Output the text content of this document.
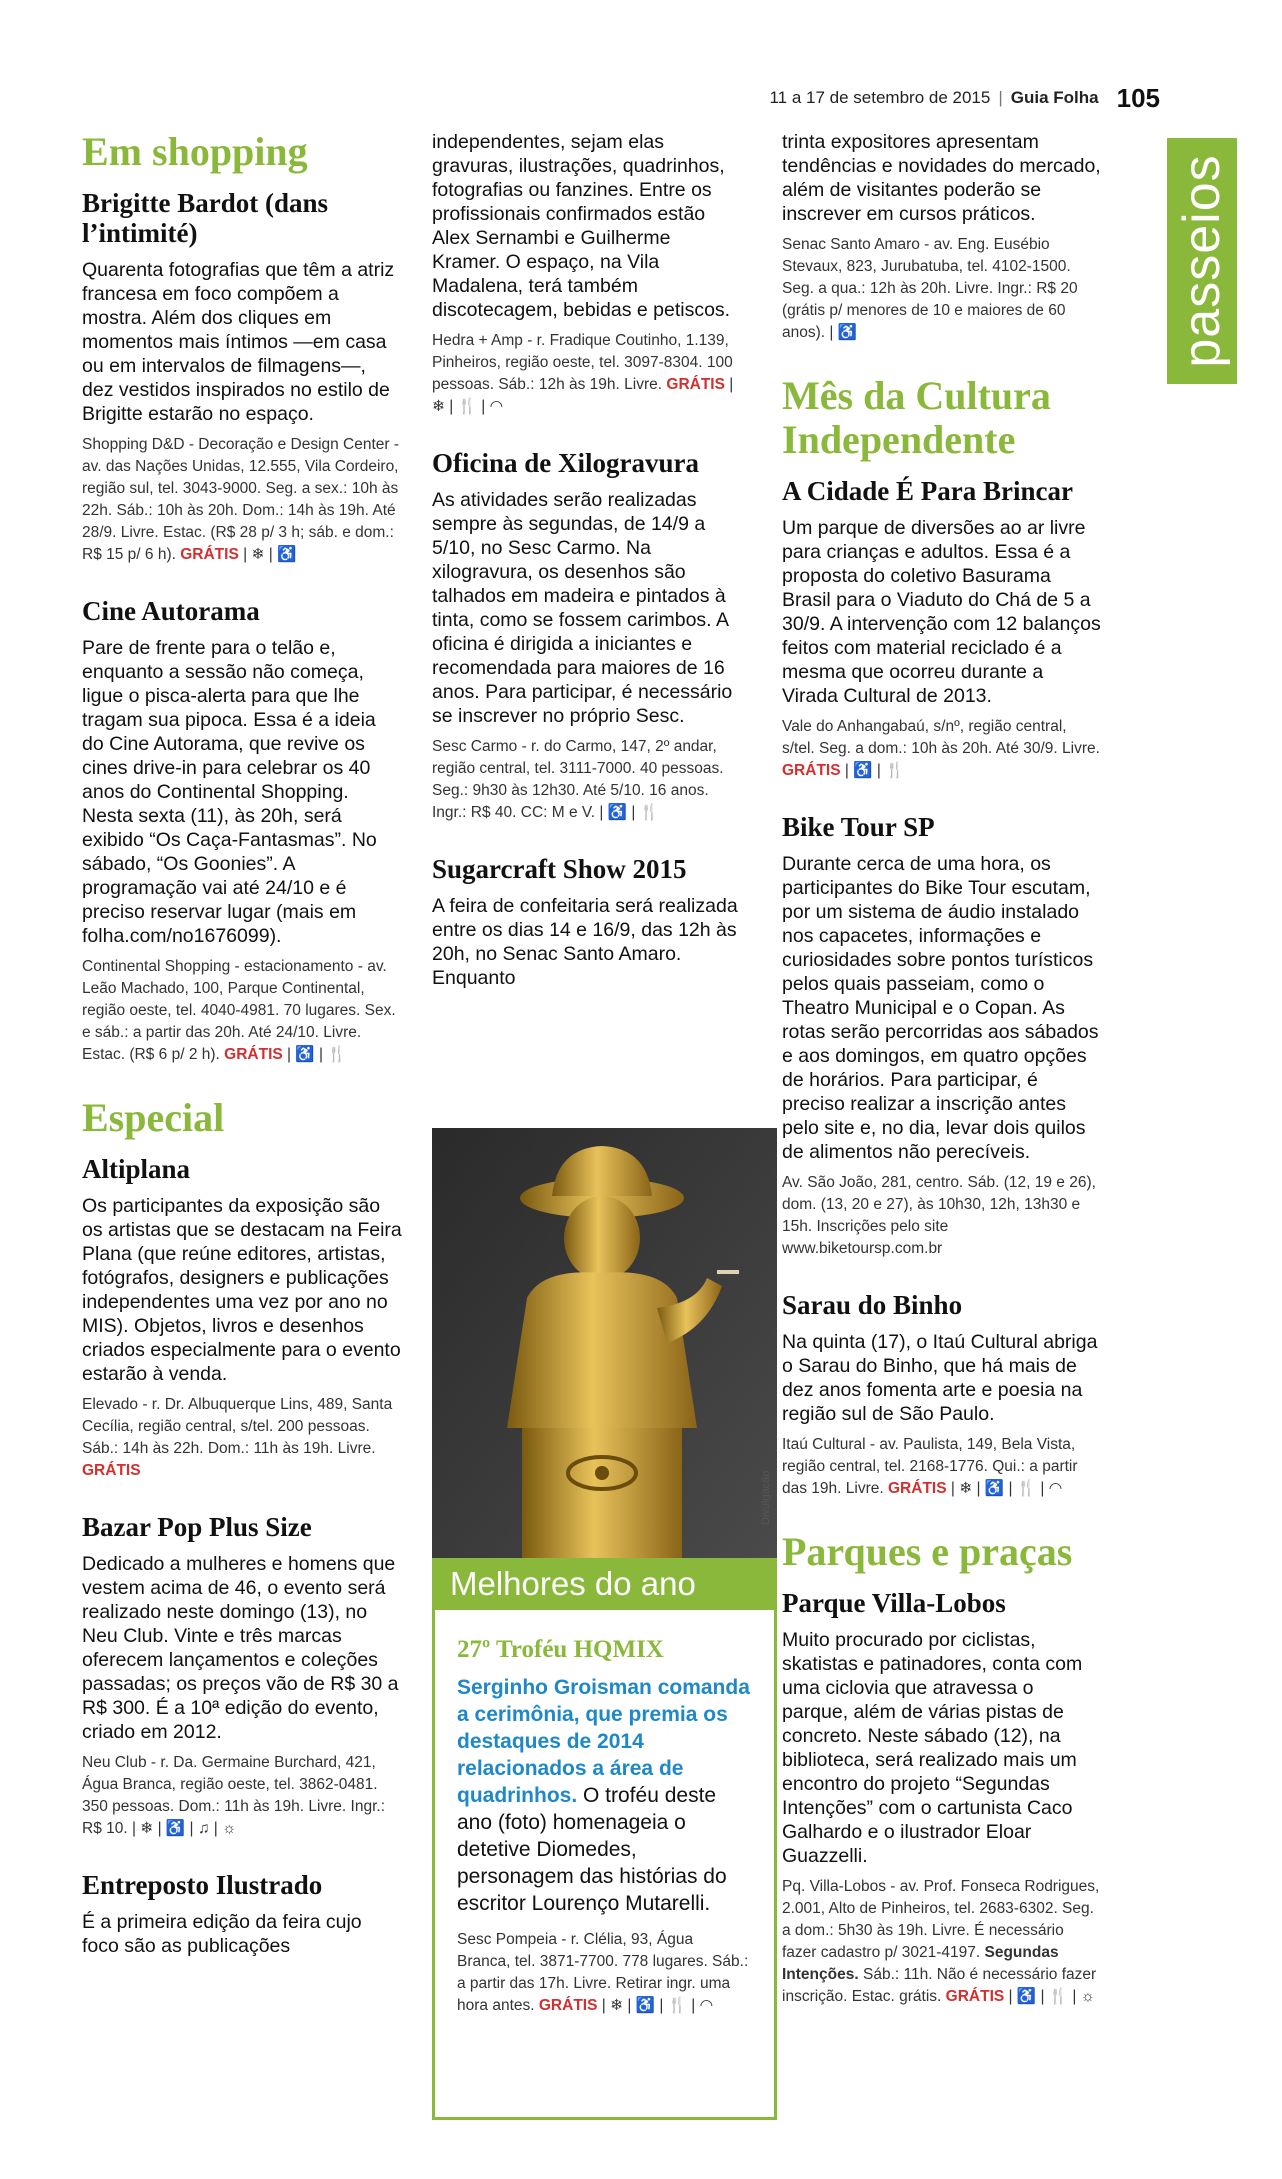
11 a 17 de setembro de 2015 | Guia Folha 105
passeios
Em shopping
Brigitte Bardot (dans l’intimité)

Quarenta fotografias que têm a atriz francesa em foco compõem a mostra. Além dos cliques em momentos mais íntimos —em casa ou em intervalos de filmagens—, dez vestidos inspirados no estilo de Brigitte estarão no espaço.

Shopping D&D - Decoração e Design Center - av. das Nações Unidas, 12.555, Vila Cordeiro, região sul, tel. 3043-9000. Seg. a sex.: 10h às 22h. Sáb.: 10h às 20h. Dom.: 14h às 19h. Até 28/9. Livre. Estac. (R$ 28 p/ 3 h; sáb. e dom.: R$ 15 p/ 6 h). GRÁTIS | ❄ | ♿

Cine Autorama

Pare de frente para o telão e, enquanto a sessão não começa, ligue o pisca-alerta para que lhe tragam sua pipoca. Essa é a ideia do Cine Autorama, que revive os cines drive-in para celebrar os 40 anos do Continental Shopping. Nesta sexta (11), às 20h, será exibido “Os Caça-Fantasmas”. No sábado, “Os Goonies”. A programação vai até 24/10 e é preciso reservar lugar (mais em folha.com/no1676099).

Continental Shopping - estacionamento - av. Leão Machado, 100, Parque Continental, região oeste, tel. 4040-4981. 70 lugares. Sex. e sáb.: a partir das 20h. Até 24/10. Livre. Estac. (R$ 6 p/ 2 h). GRÁTIS | ♿ | 🍴

Especial
Altiplana

Os participantes da exposição são os artistas que se destacam na Feira Plana (que reúne editores, artistas, fotógrafos, designers e publicações independentes uma vez por ano no MIS). Objetos, livros e desenhos criados especialmente para o evento estarão à venda.

Elevado - r. Dr. Albuquerque Lins, 489, Santa Cecília, região central, s/tel. 200 pessoas. Sáb.: 14h às 22h. Dom.: 11h às 19h. Livre. GRÁTIS

Bazar Pop Plus Size

Dedicado a mulheres e homens que vestem acima de 46, o evento será realizado neste domingo (13), no Neu Club. Vinte e três marcas oferecem lançamentos e coleções passadas; os preços vão de R$ 30 a R$ 300. É a 10ª edição do evento, criado em 2012.

Neu Club - r. Da. Germaine Burchard, 421, Água Branca, região oeste, tel. 3862-0481. 350 pessoas. Dom.: 11h às 19h. Livre. Ingr.: R$ 10. | ❄ | ♿ | ♫ | ☼

Entreposto Ilustrado

É a primeira edição da feira cujo foco são as publicações

independentes, sejam elas gravuras, ilustrações, quadrinhos, fotografias ou fanzines. Entre os profissionais confirmados estão Alex Sernambi e Guilherme Kramer. O espaço, na Vila Madalena, terá também discotecagem, bebidas e petiscos.

Hedra + Amp - r. Fradique Coutinho, 1.139, Pinheiros, região oeste, tel. 3097-8304. 100 pessoas. Sáb.: 12h às 19h. Livre. GRÁTIS | ❄ | 🍴 | ◠

Oficina de Xilogravura

As atividades serão realizadas sempre às segundas, de 14/9 a 5/10, no Sesc Carmo. Na xilogravura, os desenhos são talhados em madeira e pintados à tinta, como se fossem carimbos. A oficina é dirigida a iniciantes e recomendada para maiores de 16 anos. Para participar, é necessário se inscrever no próprio Sesc.

Sesc Carmo - r. do Carmo, 147, 2º andar, região central, tel. 3111-7000. 40 pessoas. Seg.: 9h30 às 12h30. Até 5/10. 16 anos. Ingr.: R$ 40. CC: M e V. | ♿ | 🍴

Sugarcraft Show 2015

A feira de confeitaria será realizada entre os dias 14 e 16/9, das 12h às 20h, no Senac Santo Amaro. Enquanto

Divulgação
Melhores do ano
27º Troféu HQMIX

Serginho Groisman comanda a cerimônia, que premia os destaques de 2014 relacionados a área de quadrinhos. O troféu deste ano (foto) homenageia o detetive Diomedes, personagem das histórias do escritor Lourenço Mutarelli.

Sesc Pompeia - r. Clélia, 93, Água Branca, tel. 3871-7700. 778 lugares. Sáb.: a partir das 17h. Livre. Retirar ingr. uma hora antes. GRÁTIS | ❄ | ♿ | 🍴 | ◠

trinta expositores apresentam tendências e novidades do mercado, além de visitantes poderão se inscrever em cursos práticos.

Senac Santo Amaro - av. Eng. Eusébio Stevaux, 823, Jurubatuba, tel. 4102-1500. Seg. a qua.: 12h às 20h. Livre. Ingr.: R$ 20 (grátis p/ menores de 10 e maiores de 60 anos). | ♿

Mês da Cultura Independente
A Cidade É Para Brincar

Um parque de diversões ao ar livre para crianças e adultos. Essa é a proposta do coletivo Basurama Brasil para o Viaduto do Chá de 5 a 30/9. A intervenção com 12 balanços feitos com material reciclado é a mesma que ocorreu durante a Virada Cultural de 2013.

Vale do Anhangabaú, s/nº, região central, s/tel. Seg. a dom.: 10h às 20h. Até 30/9. Livre. GRÁTIS | ♿ | 🍴

Bike Tour SP

Durante cerca de uma hora, os participantes do Bike Tour escutam, por um sistema de áudio instalado nos capacetes, informações e curiosidades sobre pontos turísticos pelos quais passeiam, como o Theatro Municipal e o Copan. As rotas serão percorridas aos sábados e aos domingos, em quatro opções de horários. Para participar, é preciso realizar a inscrição antes pelo site e, no dia, levar dois quilos de alimentos não perecíveis.

Av. São João, 281, centro. Sáb. (12, 19 e 26), dom. (13, 20 e 27), às 10h30, 12h, 13h30 e 15h. Inscrições pelo site www.biketoursp.com.br

Sarau do Binho

Na quinta (17), o Itaú Cultural abriga o Sarau do Binho, que há mais de dez anos fomenta arte e poesia na região sul de São Paulo.

Itaú Cultural - av. Paulista, 149, Bela Vista, região central, tel. 2168-1776. Qui.: a partir das 19h. Livre. GRÁTIS | ❄ | ♿ | 🍴 | ◠

Parques e praças
Parque Villa-Lobos

Muito procurado por ciclistas, skatistas e patinadores, conta com uma ciclovia que atravessa o parque, além de várias pistas de concreto. Neste sábado (12), na biblioteca, será realizado mais um encontro do projeto “Segundas Intenções” com o cartunista Caco Galhardo e o ilustrador Eloar Guazzelli.

Pq. Villa-Lobos - av. Prof. Fonseca Rodrigues, 2.001, Alto de Pinheiros, tel. 2683-6302. Seg. a dom.: 5h30 às 19h. Livre. É necessário fazer cadastro p/ 3021-4197. Segundas Intenções. Sáb.: 11h. Não é necessário fazer inscrição. Estac. grátis. GRÁTIS | ♿ | 🍴 | ☼
